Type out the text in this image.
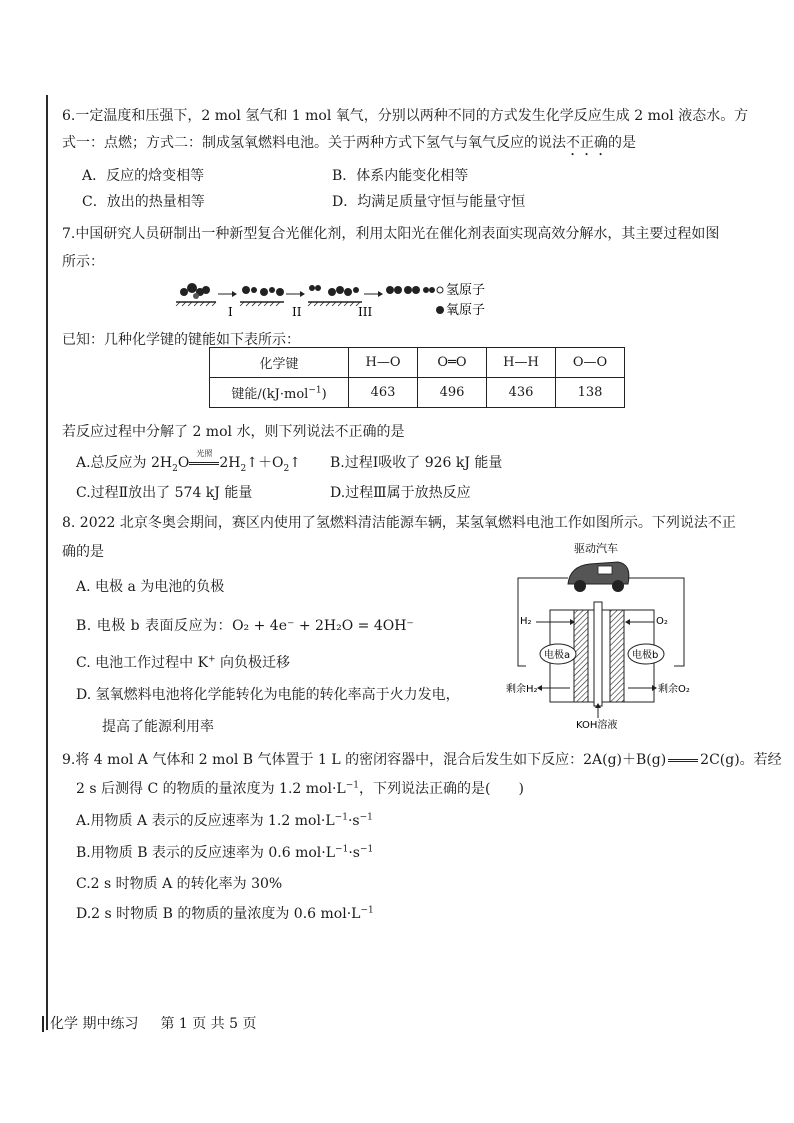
6.一定温度和压强下，2 mol 氢气和 1 mol 氧气，分别以两种不同的方式发生化学反应生成 2 mol 液态水。方
式一：点燃；方式二：制成氢氧燃料电池。关于两种方式下氢气与氧气反应的说法不正确的是
A．反应的焓变相等	B．体系内能变化相等
C．放出的热量相等	D．均满足质量守恒与能量守恒
7.中国研究人员研制出一种新型复合光催化剂，利用太阳光在催化剂表面实现高效分解水，其主要过程如图
所示：
I	II	III
氢原子
氧原子
已知：几种化学键的键能如下表所示：
化学键	H—O	O═O	H—H	O—O
键能/(kJ·mol$^{-1}$)	463	496	436	138
若反应过程中分解了 2 mol 水，则下列说法不正确的是
A.总反应为 $2H_2O$
光照
$2H_2↑+O_2↑$ B.过程Ⅰ吸收了 926 kJ 能量
C.过程Ⅱ放出了 574 kJ 能量	D.过程Ⅲ属于放热反应
8. 2022 北京冬奥会期间，赛区内使用了氢燃料清洁能源车辆，某氢氧燃料电池工作如图所示。下列说法不正
确的是
A. 电极 a 为电池的负极
B. 电极 b 表面反应为：O₂ + 4e⁻ + 2H₂O = 4OH⁻
C. 电池工作过程中 K+ 向负极迁移
D. 氢氧燃料电池将化学能转化为电能的转化率高于火力发电，
提高了能源利用率
驱动汽车
H₂	O₂
电极a	电极b
剩余H₂	剩余O₂
KOH溶液
9.将 4 mol A 气体和 2 mol B 气体置于 1 L 的密闭容器中，混合后发生如下反应：2A(g)＋B(g) 2C(g)。若经
2 s 后测得 C 的物质的量浓度为 1.2 $mol\cdot L^{-1}$，下列说法正确的是(　　)
A.用物质 A 表示的反应速率为 1.2 $mol\cdot L^{-1}\cdot s^{-1}$
B.用物质 B 表示的反应速率为 0.6 $mol\cdot L^{-1}\cdot s^{-1}$
C.2 s 时物质 A 的转化率为 30%
D.2 s 时物质 B 的物质的量浓度为 0.6 $mol\cdot L^{-1}$
化学 期中练习 第 1 页 共 5 页
